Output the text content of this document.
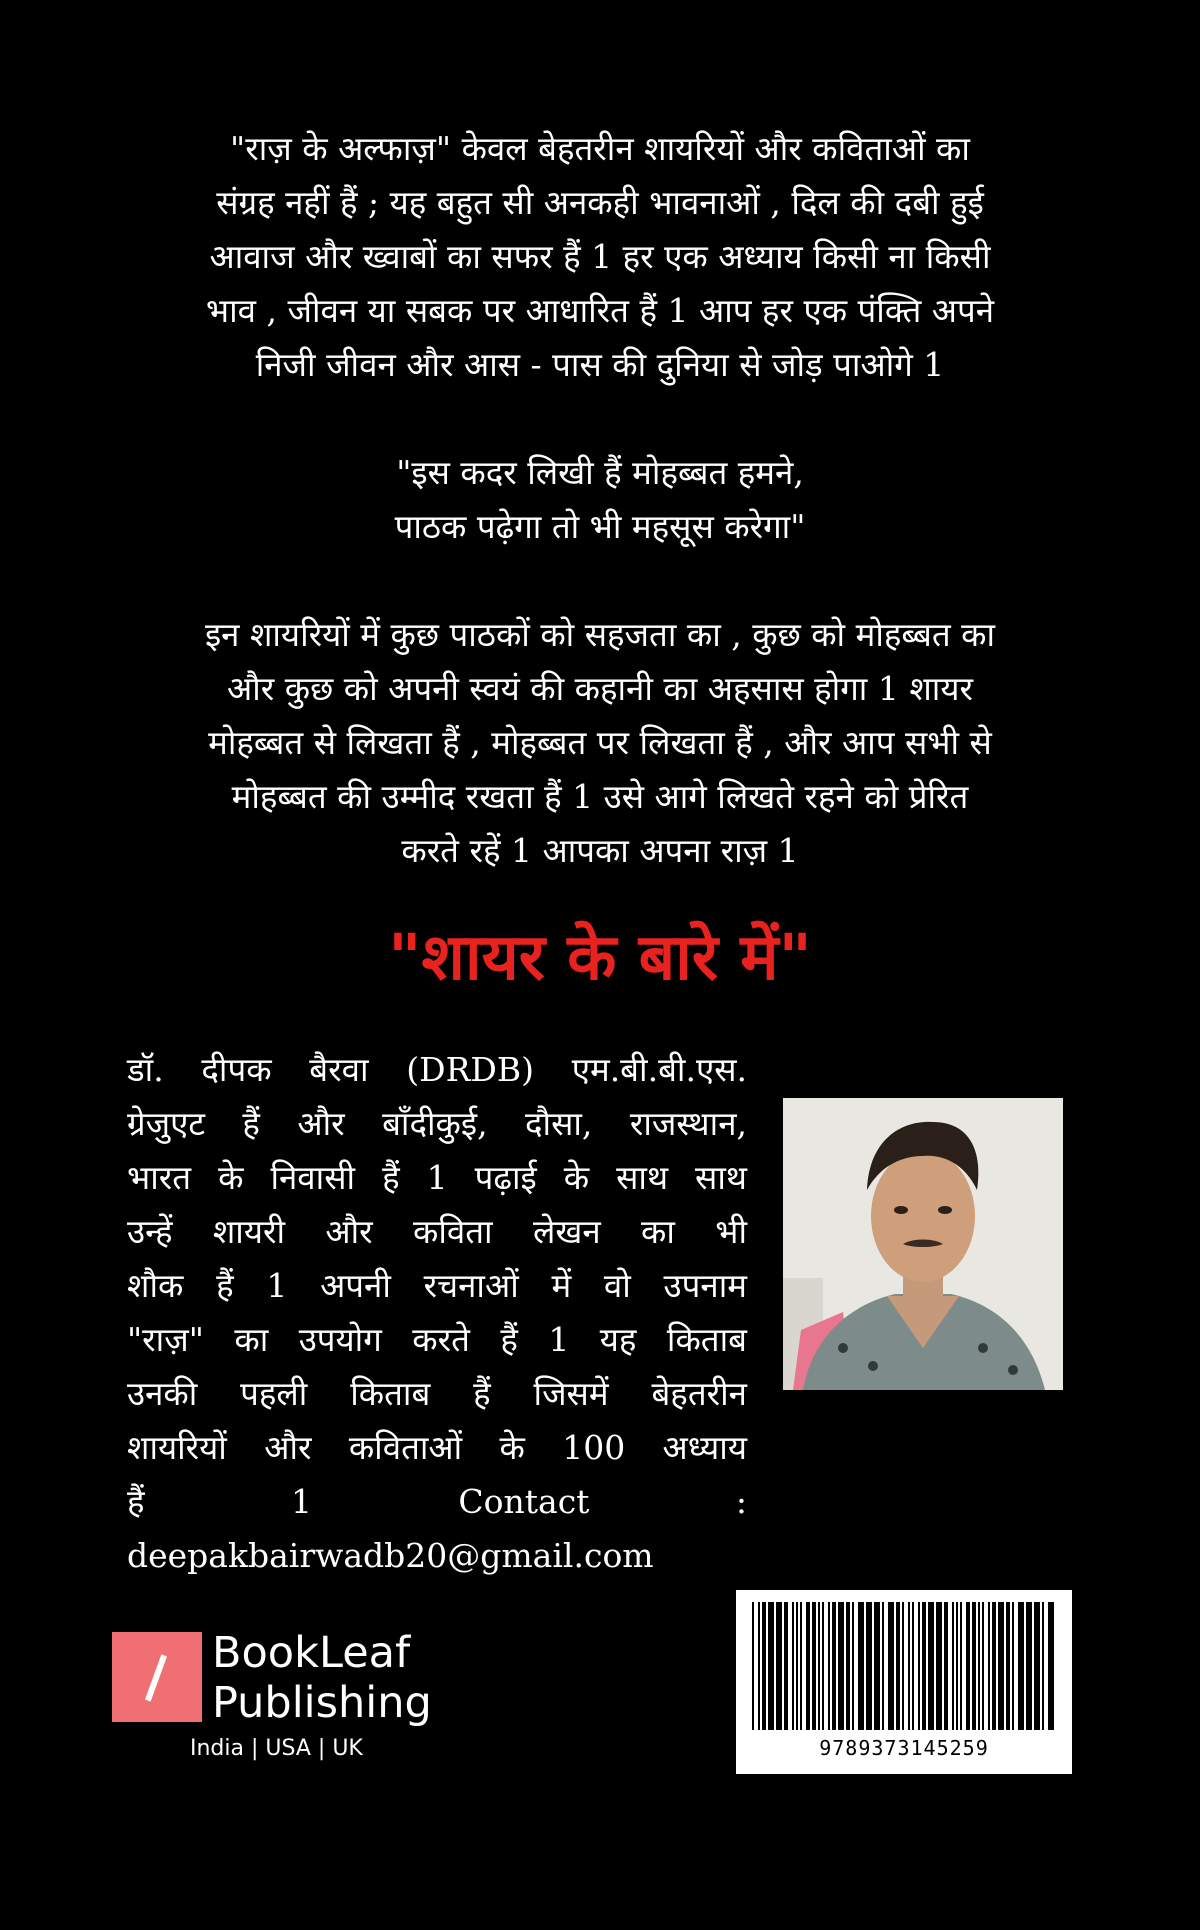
"राज़ के अल्फाज़" केवल बेहतरीन शायरियों और कविताओं का
संग्रह नहीं हैं ; यह बहुत सी अनकही भावनाओं , दिल की दबी हुई
आवाज और ख्वाबों का सफर हैं 1 हर एक अध्याय किसी ना किसी
भाव , जीवन या सबक पर आधारित हैं 1 आप हर एक पंक्ति अपने
निजी जीवन और आस - पास की दुनिया से जोड़ पाओगे 1
"इस कदर लिखी हैं मोहब्बत हमने,
पाठक पढ़ेगा तो भी महसूस करेगा"
इन शायरियों में कुछ पाठकों को सहजता का , कुछ को मोहब्बत का
और कुछ को अपनी स्वयं की कहानी का अहसास होगा 1 शायर
मोहब्बत से लिखता हैं , मोहब्बत पर लिखता हैं , और आप सभी से
मोहब्बत की उम्मीद रखता हैं 1 उसे आगे लिखते रहने को प्रेरित
करते रहें 1 आपका अपना राज़ 1
"शायर के बारे में"
डॉ. दीपक बैरवा (DRDB) एम.बी.बी.एस.
ग्रेजुएट हैं और बाँदीकुई, दौसा, राजस्थान,
भारत के निवासी हैं 1 पढ़ाई के साथ साथ
उन्हें शायरी और कविता लेखन का भी
शौक हैं 1 अपनी रचनाओं में वो उपनाम
"राज़" का उपयोग करते हैं 1 यह किताब
उनकी पहली किताब हैं जिसमें बेहतरीन
शायरियों और कविताओं के 100 अध्याय
हैं 1 Contact :
deepakbairwadb20@gmail.com
BookLeaf
Publishing
India | USA | UK	9789373145259
